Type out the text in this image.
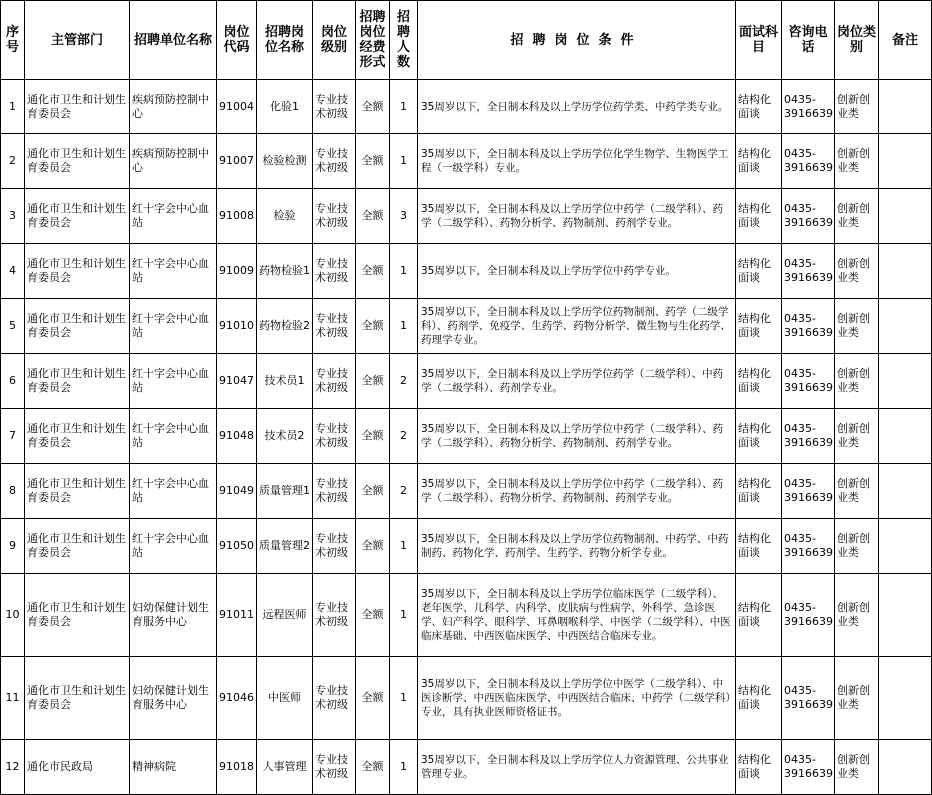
序号	主管部门	招聘单位名称	岗位代码	招聘岗位名称	岗位级别	招聘岗位经费形式	招聘人数	招聘岗位条件	面试科目	咨询电话	岗位类别	备注
1	通化市卫生和计划生育委员会	疾病预防控制中心	91004	化验1	专业技术初级	全额	1	35周岁以下，全日制本科及以上学历学位药学类、中药学类专业。	结构化面谈	0435-3916639	创新创业类	
2	通化市卫生和计划生育委员会	疾病预防控制中心	91007	检验检测	专业技术初级	全额	1	35周岁以下，全日制本科及以上学历学位化学生物学、生物医学工程（一级学科）专业。	结构化面谈	0435-3916639	创新创业类	
3	通化市卫生和计划生育委员会	红十字会中心血站	91008	检验	专业技术初级	全额	3	35周岁以下，全日制本科及以上学历学位中药学（二级学科）、药学（二级学科）、药物分析学、药物制剂、药剂学专业。	结构化面谈	0435-3916639	创新创业类	
4	通化市卫生和计划生育委员会	红十字会中心血站	91009	药物检验1	专业技术初级	全额	1	35周岁以下，全日制本科及以上学历学位中药学专业。	结构化面谈	0435-3916639	创新创业类	
5	通化市卫生和计划生育委员会	红十字会中心血站	91010	药物检验2	专业技术初级	全额	1	35周岁以下，全日制本科及以上学历学位药物制剂、药学（二级学科）、药剂学、免疫学、生药学、药物分析学、微生物与生化药学、药理学专业。	结构化面谈	0435-3916639	创新创业类	
6	通化市卫生和计划生育委员会	红十字会中心血站	91047	技术员1	专业技术初级	全额	2	35周岁以下，全日制本科及以上学历学位药学（二级学科）、中药学（二级学科）、药剂学专业。	结构化面谈	0435-3916639	创新创业类	
7	通化市卫生和计划生育委员会	红十字会中心血站	91048	技术员2	专业技术初级	全额	2	35周岁以下，全日制本科及以上学历学位中药学（二级学科）、药学（二级学科）、药物分析学、药物制剂、药剂学专业。	结构化面谈	0435-3916639	创新创业类	
8	通化市卫生和计划生育委员会	红十字会中心血站	91049	质量管理1	专业技术初级	全额	2	35周岁以下，全日制本科及以上学历学位中药学（二级学科）、药学（二级学科）、药物分析学、药物制剂、药剂学专业。	结构化面谈	0435-3916639	创新创业类	
9	通化市卫生和计划生育委员会	红十字会中心血站	91050	质量管理2	专业技术初级	全额	1	35周岁以下，全日制本科及以上学历学位药物制剂、中药学、中药制药、药物化学、药剂学、生药学、药物分析学专业。	结构化面谈	0435-3916639	创新创业类	
10	通化市卫生和计划生育委员会	妇幼保健计划生育服务中心	91011	远程医师	专业技术初级	全额	1	35周岁以下，全日制本科及以上学历学位临床医学（二级学科）、老年医学、儿科学、内科学、皮肤病与性病学、外科学、急诊医学、妇产科学、眼科学、耳鼻咽喉科学、中医学（二级学科）、中医临床基础、中西医临床医学、中西医结合临床专业。	结构化面谈	0435-3916639	创新创业类	
11	通化市卫生和计划生育委员会	妇幼保健计划生育服务中心	91046	中医师	专业技术初级	全额	1	35周岁以下，全日制本科及以上学历学位中医学（二级学科）、中医诊断学、中西医临床医学、中西医结合临床、中药学（二级学科）专业，具有执业医师资格证书。	结构化面谈	0435-3916639	创新创业类	
12	通化市民政局	精神病院	91018	人事管理	专业技术初级	全额	1	35周岁以下，全日制本科及以上学历学位人力资源管理、公共事业管理专业。	结构化面谈	0435-3916639	创新创业类	
